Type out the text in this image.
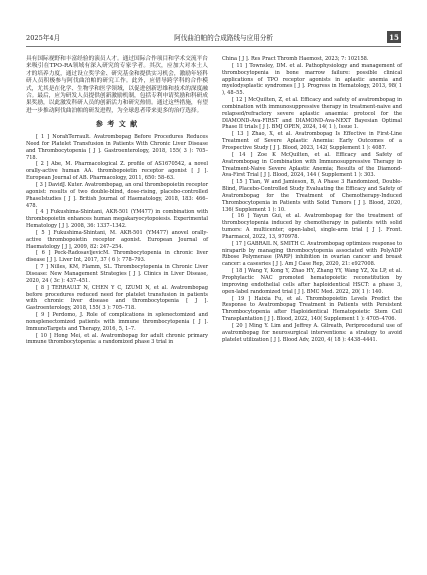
2025年4月	阿伐曲泊帕的合成路线与应用分析	15

具有国际视野和丰富经验的演员人才。通过国际合作项目和学术交流平台来吸引在TPO-RA领域有深入研究的专家学者。其次，应加大对本土人才的培养力度，通过设立奖学金、研究基金和提供实习机会，激励年轻科研人员积极参与阿伐曲泊帕的研究工作。此外，应借导跨学科的合作模式，尤其是在化学、生物学和医学领域，以促进创新思维和技术的深度融合。最后，应为研发人员提供创新激励机制，包括专利申请奖励和科研成果奖励，以此激发科研人员的创新活力和研究热情。通过这些措施，有望进一步推动阿伐曲泊帕的研发进程，为全球患者带来更多的治疗选择。

参 考 文 献

[ 1 ] NorahTerrault. Avatrombopag Before Procedures Reduces Need for Platelet Transfusion in Patients With Chronic Liver Disease and Thrombocytopenia [ J ]. Gastroenterology, 2018, 155( 3 ): 705–718.

[ 2 ] Abe, M. Pharmacological Z. profile of AS1670542, a novel orally-active human AA. thrombopoietin receptor agonist [ J ]. European Journal of AB. Pharmacology, 2011, 650: 58–63.

[ 3 ] DavidJ. Kuter. Avatrombopag, an oral thrombopoietin receptor agonist: results of two double-blind, dose-rising, placebo-controlled PhaseIstudies [ J ]. British Journal of Haematology, 2018, 183: 466–478.

[ 4 ] Fukushima-Shintani, AKR-501 (YM477) in combination with thrombopoietin enhances human megakaryocytopoiesis. Experimental Hematology [ J ]. 2008, 36: 1337–1342.

[ 5 ] Fukushima-Shintani, M. AKR-501 (YM477) anovel orally-active thrombopoietin receptor agonist. European Journal of Haematology [ J ], 2009, 82: 247–254.

[ 6 ] Peck-RadosavljevicM. Thrombocytopenia in chronic liver disease [ J ]. Liver Int, 2017, 37 ( 6 ): 778–793.

[ 7 ] Nilles, KM, Flamm, SL. Thrombocytopenia in Chronic Liver Disease: New Management Strategies [ J ]. Clinics in Liver Disease, 2020, 24 ( 3c ): 437–451.

[ 8 ] TERRAULT N, CHEN Y C, IZUMI N, et al. Avatrombopag before procedures reduced need for platelet transfusion in patients with chronic liver disease and thrombocytopenia [ J ]. Gastroenterology, 2018, 155( 3 ): 705–718.

[ 9 ] Perdomo, J. Role of complications in splenectomized and nonsplenectomized patients with immune thrombocytopenia [ J ]. ImmunoTargets and Therapy, 2016, 5, 1–7.

[ 10 ] Hong Mei, et al. Avatrombopag for adult chronic primary immune thrombocytopenia: a randomized phase 3 trial in

China [ J ]. Res Pract Thromb Haemost, 2023; 7: 102158.

[ 11 ] Townsley, DM. et al. Pathophysiology and management of thrombocytopenia in bone marrow failure: possible clinical applications of TPO receptor agonists in aplastic anemia and myelodysplastic syndromes [ J ]. Progress in Hematology, 2013, 98( 1 ), 48–55.

[ 12 ] McQuilten, Z, et al. Efficacy and safety of avatrombopag in combination with immunosuppressive therapy in treatment-naive and relapsed/refractory severe aplastic anaemia: protocol for the DIAMOND-Ava-FIRST and DIAMOND-Ava-NEXT Bayesian Optimal Phase II trials [ J ]. BMJ OPEN, 2024, 14( 1 ), Issue 1.

[ 13 ] Zhao, X, et al. Avatrombopag Is Effective in First-Line Treatment of Severe Aplastic Anemia: Early Outcomes of a Prospective Study [ J ]. Blood, 2023, 142( Supplement 1 ): 4087.

[ 14 ] Zoe K McQuilten, et al. Efficacy and Safety of Avatrombopag in Combination with Immunosuppressive Therapy in Treatment-Naive Severe Aplastic Anemia; Results of the Diamond-Ava-First Trial [ J ]. Blood, 2024, 144 ( Supplement 1 ): 303.

[ 15 ] Tian, W and Jamieson, B, A Phase 3 Randomized, Double-Blind, Placebo-Controlled Study Evaluating the Efficacy and Safety of Avatrombopag for the Treatment of Chemotherapy-Induced Thrombocytopenia in Patients with Solid Tumors [ J ]. Blood, 2020, 136( Supplement 1 ): 10.

[ 16 ] Yayun Gui, et al. Avatrombopag for the treatment of thrombocytopenia induced by chemotherapy in patients with solid tumors: A multicenter, open-label, single-arm trial [ J ]. Front. Pharmacol, 2022, 13, 970978.

[ 17 ] GABRAIL N, SMITH C. Avatrombopag optimizes response to niraparib by managing thrombocytopenia associated with PolyADP Ribose Polymerase (PARP) inhibition in ovarian cancer and breast cancer: a casesries [ J ]. Am J Case Rep, 2020, 21: e927008.

[ 18 ] Wang Y, Kong Y, Zhao HY, Zhang YY, Wang YZ, Xu LP, et al. Prophylactic NAC promoted hematopoietic reconstitution by improving endothelial cells after haploidentical HSCT: a phase 3, open-label randomized trial [ J ]. BMC Med. 2022, 20( 1 ): 140.

[ 19 ] Haixia Fu, et al. Thrombopoietin Levels Predict the Response to Avatrombopag Treatment in Patients with Persistent Thrombocytopenia after Haploidentical Hematopoietic Stem Cell Transplantation [ J ]. Blood, 2022, 140( Supplement 1 ): 4705–4706.

[ 20 ] Ming Y. Lim and Jeffrey A. Gilreath, Periprocedural use of avatrombopag for neurosurgical interventions: a strategy to avoid platelet utilization [ J ]. Blood Adv, 2020, 4( 18 ): 4438–4441.
